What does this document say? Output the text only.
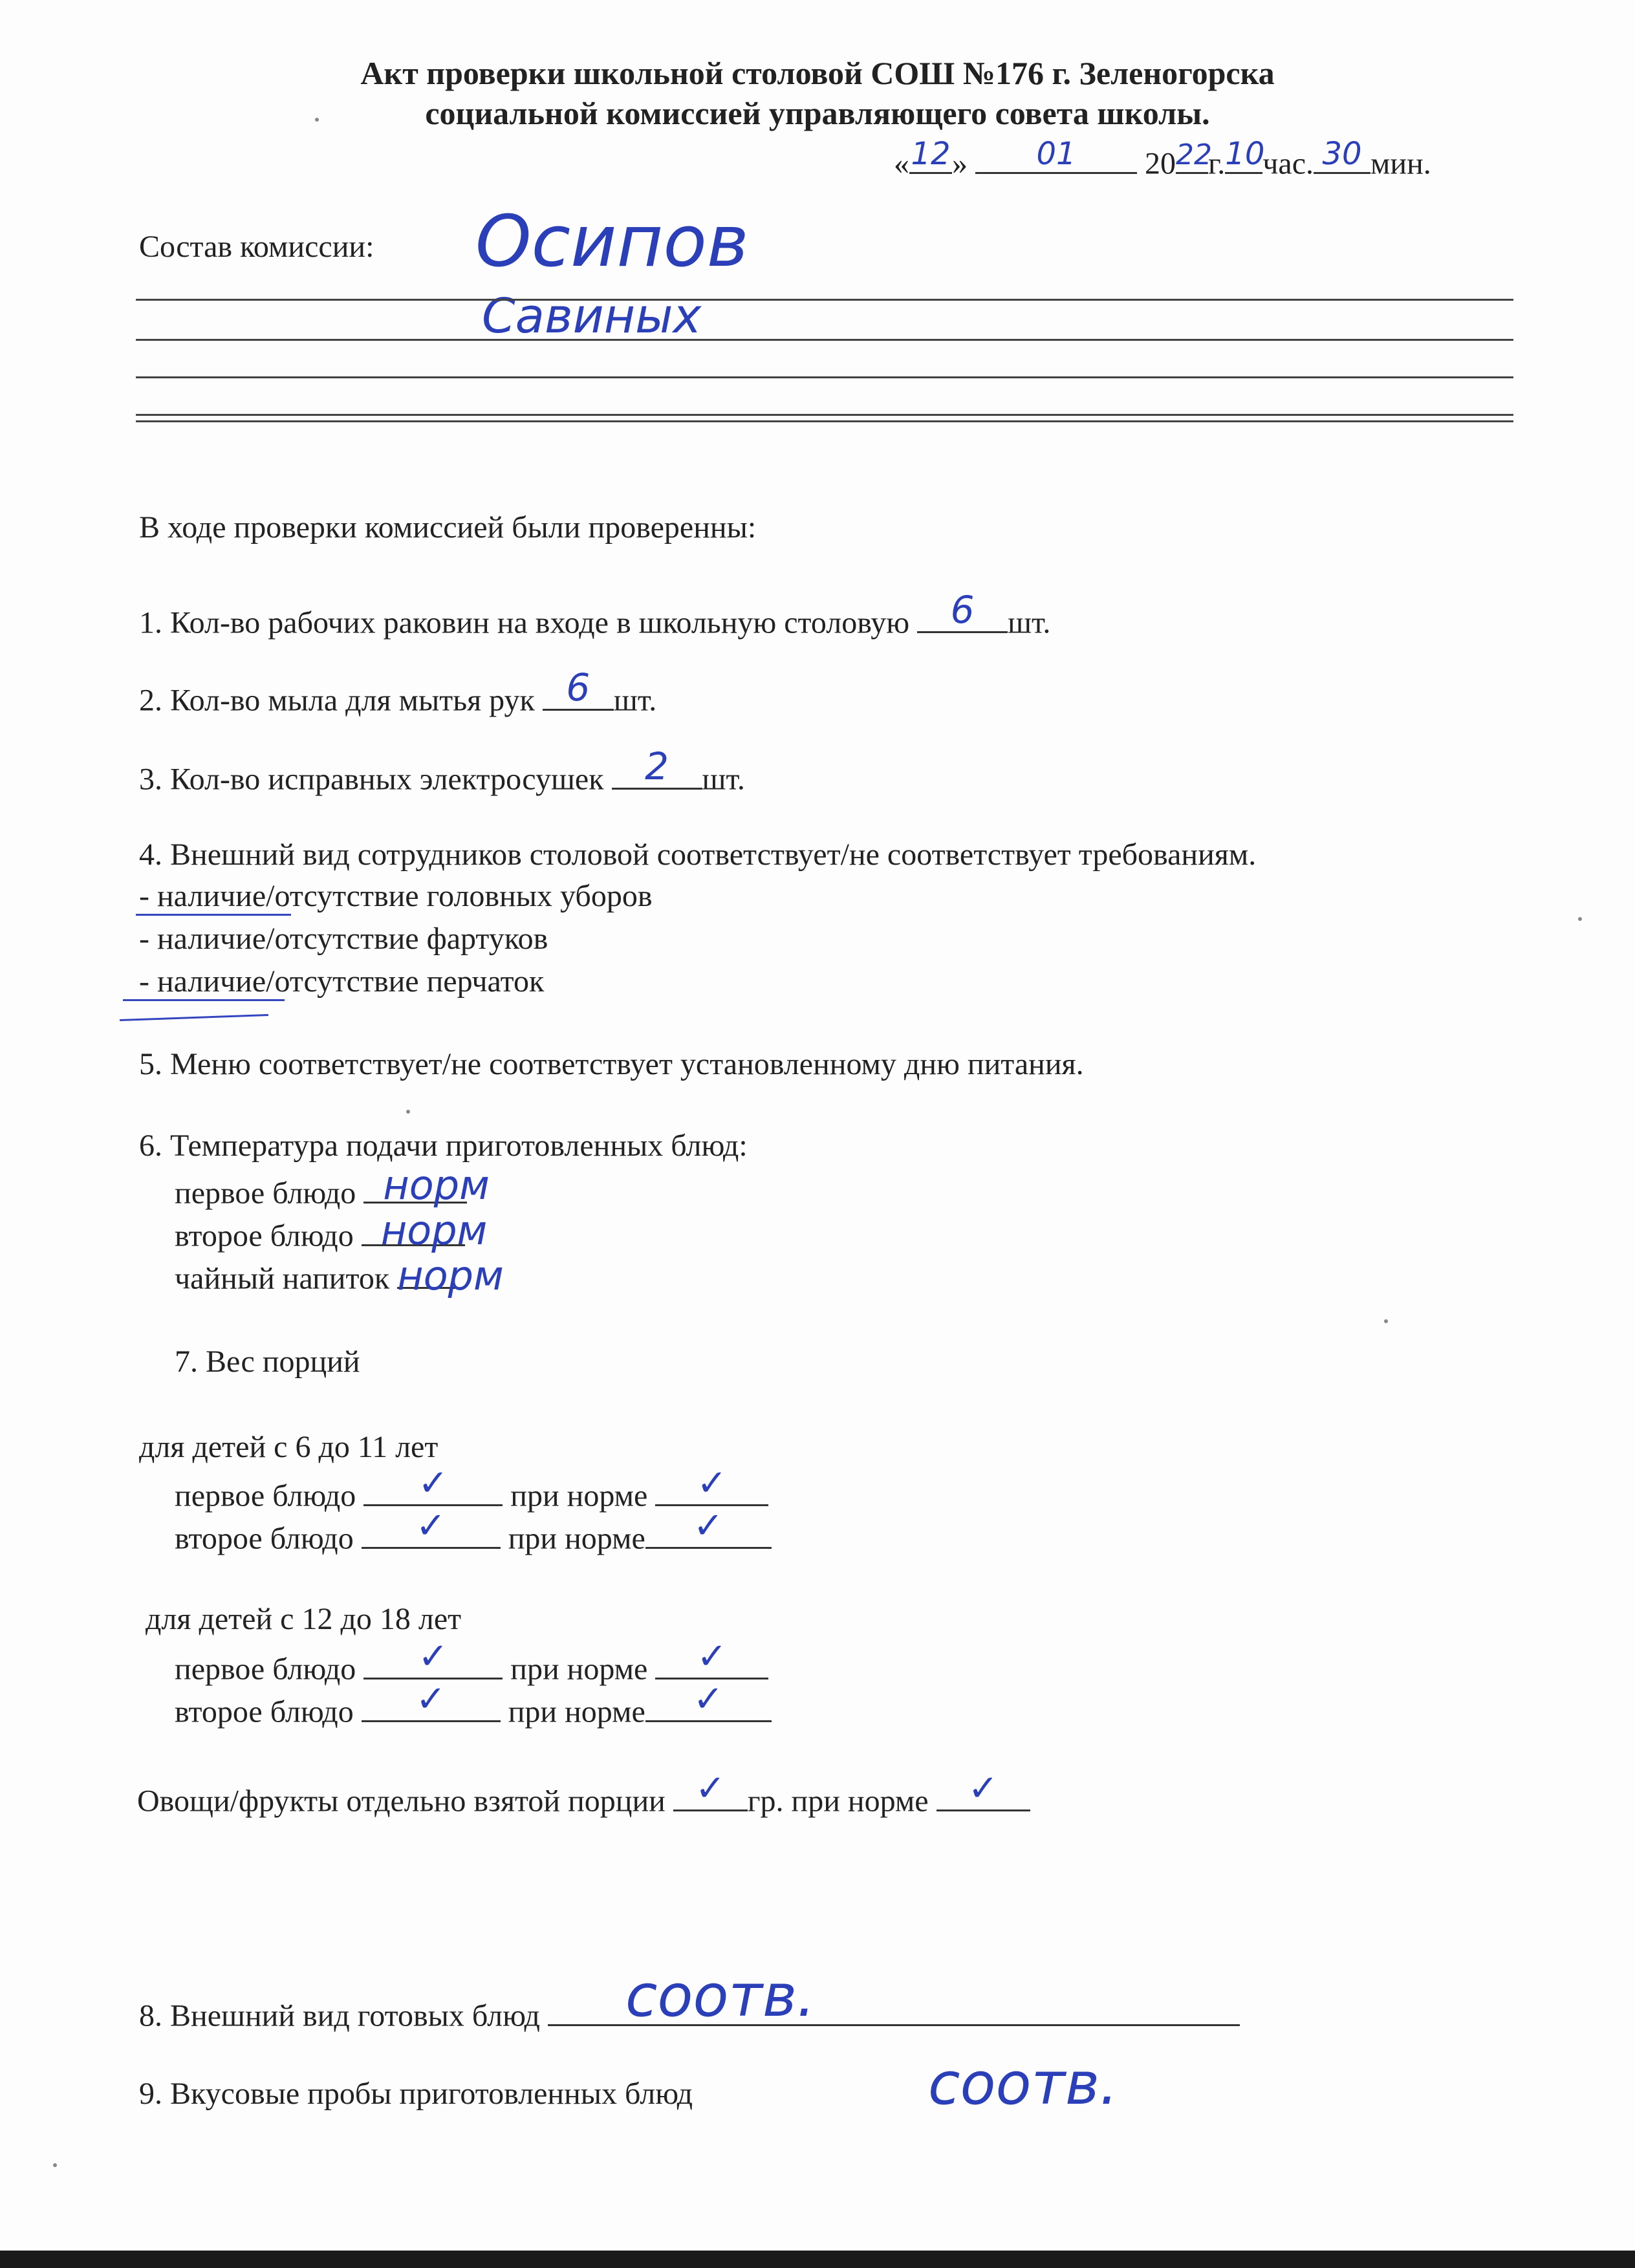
Акт проверки школьной столовой СОШ №176 г. Зеленогорска
социальной комиссией управляющего совета школы.
« 12 »	01	20 22
г. 10
час. 30 мин.
Состав комиссии: Осипов
Савиных
В ходе проверки комиссией были проверенны:
1. Кол-во рабочих раковин на входе в школьную столовую	6	шт.
2. Кол-во мыла для мытья рук 6 шт.
3. Кол-во исправных электросушек	2	шт.
4. Внешний вид сотрудников столовой соответствует/не соответствует требованиям.
- наличие/отсутствие головных уборов
- наличие/отсутствие фартуков
- наличие/отсутствие перчаток
5. Меню соответствует/не соответствует установленному дню питания.
6. Температура подачи приготовленных блюд:
первое блюдо норм
второе блюдо норм
чайный напиток норм
7. Вес порций
для детей с 6 до 11 лет
первое блюдо	✓	при норме	✓
второе блюдо	✓	при норме	✓
для детей с 12 до 18 лет
первое блюдо	✓	при норме	✓
второе блюдо	✓	при норме	✓
Овощи/фрукты отдельно взятой порции ✓ гр. при норме	✓
8. Внешний вид готовых блюд соотв.
9. Вкусовые пробы приготовленных блюд	соотв.
